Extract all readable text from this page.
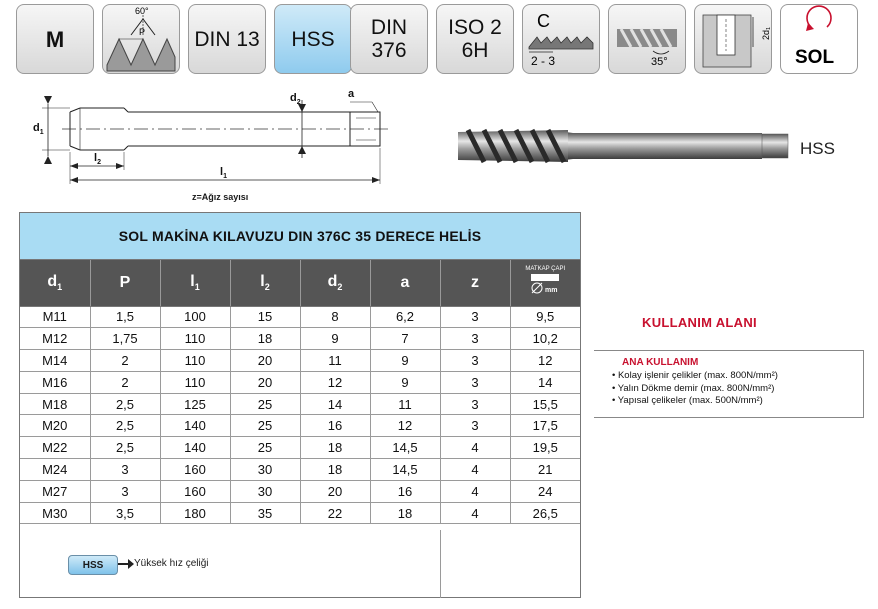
M
60°
P DIN 13 HSS DIN
376
ISO 2
6H
C
2 - 3	35°
2d₁
SOL
$d_1$
$d_2$
a
$l_2$
$l_1$
z=Ağız sayısı
HSS
SOL MAKİNA KILAVUZU DIN 376C 35 DERECE HELİS
$d_1$	P	$l_1$	$l_2$	$d_2$	a	z	MATKAP ÇAPI
mm

M11	1,5	100	15	8	6,2	3	9,5
M12	1,75	110	18	9	7	3	10,2
M14	2	110	20	11	9	3	12
M16	2	110	20	12	9	3	14
M18	2,5	125	25	14	11	3	15,5
M20	2,5	140	25	16	12	3	17,5
M22	2,5	140	25	18	14,5	4	19,5
M24	3	160	30	18	14,5	4	21
M27	3	160	30	20	16	4	24
M30	3,5	180	35	22	18	4	26,5
HSS	Yüksek hız çeliği
KULLANIM ALANI
ANA KULLANIM
• Kolay işlenir çelikler (max. 800N/mm²)
• Yalın Dökme demir (max. 800N/mm²)
• Yapısal çelikeler (max. 500N/mm²)
